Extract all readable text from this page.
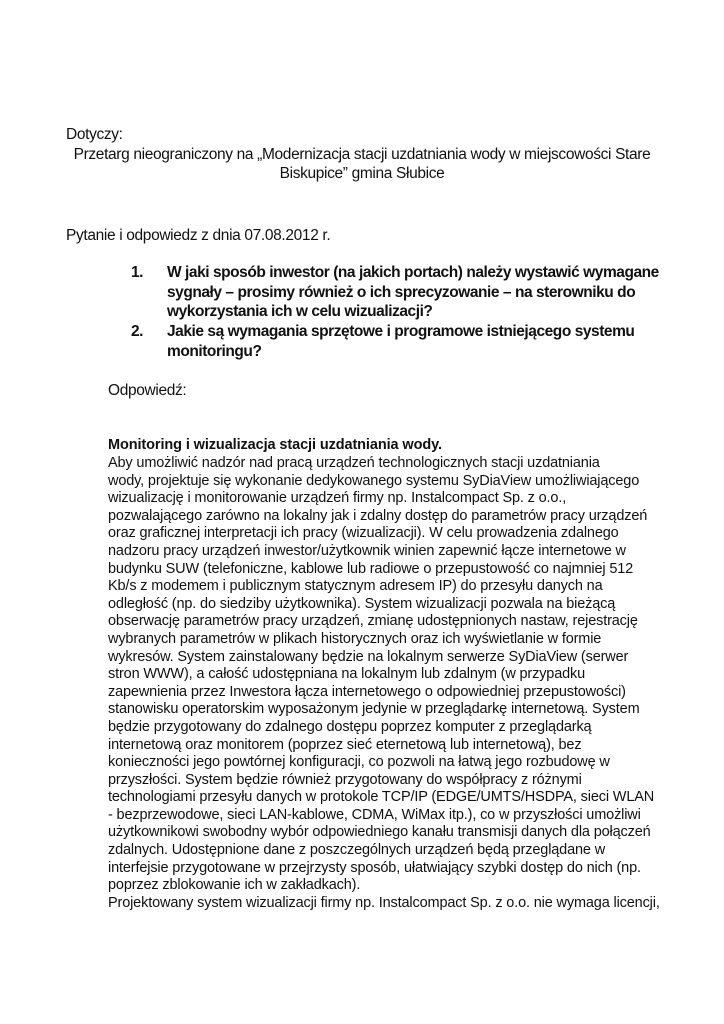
Dotyczy:
Przetarg nieograniczony na „Modernizacja stacji uzdatniania wody w miejscowości Stare
Biskupice” gmina Słubice
Pytanie i odpowiedz z dnia 07.08.2012 r.
1. W jaki sposób inwestor (na jakich portach) należy wystawić wymagane
sygnały – prosimy również o ich sprecyzowanie – na sterowniku do
wykorzystania ich w celu wizualizacji?
2. Jakie są wymagania sprzętowe i programowe istniejącego systemu
monitoringu?
Odpowiedź:
Monitoring i wizualizacja stacji uzdatniania wody.
Aby umożliwić nadzór nad pracą urządzeń technologicznych stacji uzdatniania
wody, projektuje się wykonanie dedykowanego systemu SyDiaView umożliwiającego
wizualizację i monitorowanie urządzeń firmy np. Instalcompact Sp. z o.o.,
pozwalającego zarówno na lokalny jak i zdalny dostęp do parametrów pracy urządzeń
oraz graficznej interpretacji ich pracy (wizualizacji). W celu prowadzenia zdalnego
nadzoru pracy urządzeń inwestor/użytkownik winien zapewnić łącze internetowe w
budynku SUW (telefoniczne, kablowe lub radiowe o przepustowość co najmniej 512
Kb/s z modemem i publicznym statycznym adresem IP) do przesyłu danych na
odległość (np. do siedziby użytkownika). System wizualizacji pozwala na bieżącą
obserwację parametrów pracy urządzeń, zmianę udostępnionych nastaw, rejestrację
wybranych parametrów w plikach historycznych oraz ich wyświetlanie w formie
wykresów. System zainstalowany będzie na lokalnym serwerze SyDiaView (serwer
stron WWW), a całość udostępniana na lokalnym lub zdalnym (w przypadku
zapewnienia przez Inwestora łącza internetowego o odpowiedniej przepustowości)
stanowisku operatorskim wyposażonym jedynie w przeglądarkę internetową. System
będzie przygotowany do zdalnego dostępu poprzez komputer z przeglądarką
internetową oraz monitorem (poprzez sieć eternetową lub internetową), bez
konieczności jego powtórnej konfiguracji, co pozwoli na łatwą jego rozbudowę w
przyszłości. System będzie również przygotowany do współpracy z różnymi
technologiami przesyłu danych w protokole TCP/IP (EDGE/UMTS/HSDPA, sieci WLAN
- bezprzewodowe, sieci LAN-kablowe, CDMA, WiMax itp.), co w przyszłości umożliwi
użytkownikowi swobodny wybór odpowiedniego kanału transmisji danych dla połączeń
zdalnych. Udostępnione dane z poszczególnych urządzeń będą przeglądane w
interfejsie przygotowane w przejrzysty sposób, ułatwiający szybki dostęp do nich (np.
poprzez zblokowanie ich w zakładkach).
Projektowany system wizualizacji firmy np. Instalcompact Sp. z o.o. nie wymaga licencji,
